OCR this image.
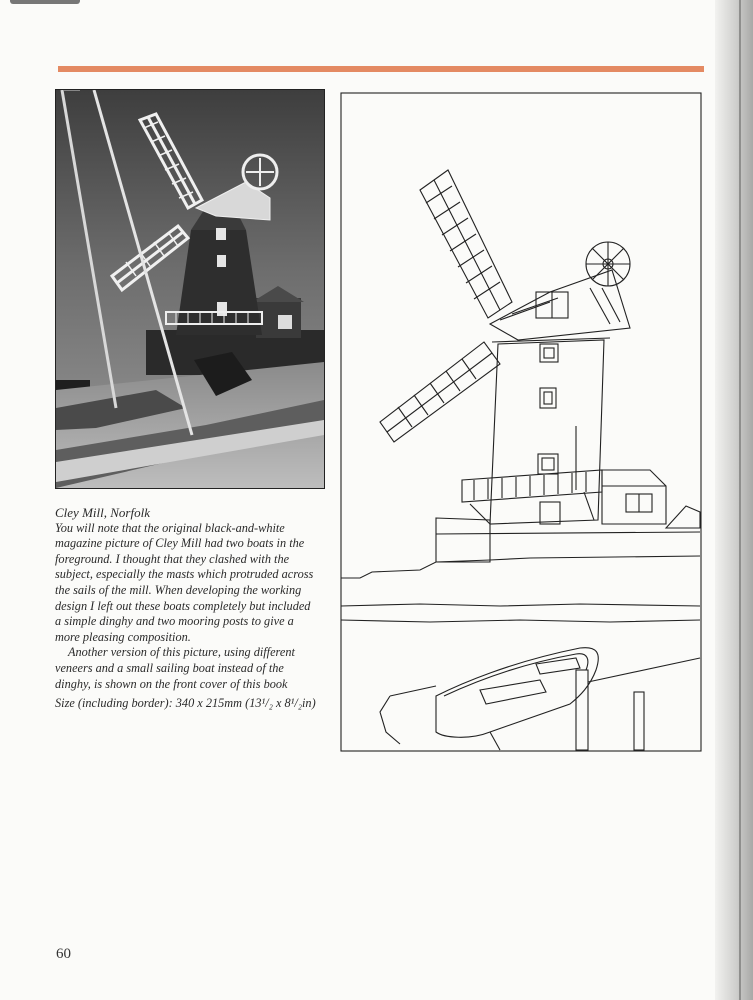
Cley Mill, Norfolk

You will note that the original black-and-white magazine picture of Cley Mill had two boats in the foreground. I thought that they clashed with the subject, especially the masts which protruded across the sails of the mill. When developing the working design I left out these boats completely but included a simple dinghy and two mooring posts to give a more pleasing composition.

Another version of this picture, using different veneers and a small sailing boat instead of the dinghy, is shown on the front cover of this book

Size (including border): 340 x 215mm (13¹/₂ x 8¹/₂in)

60
